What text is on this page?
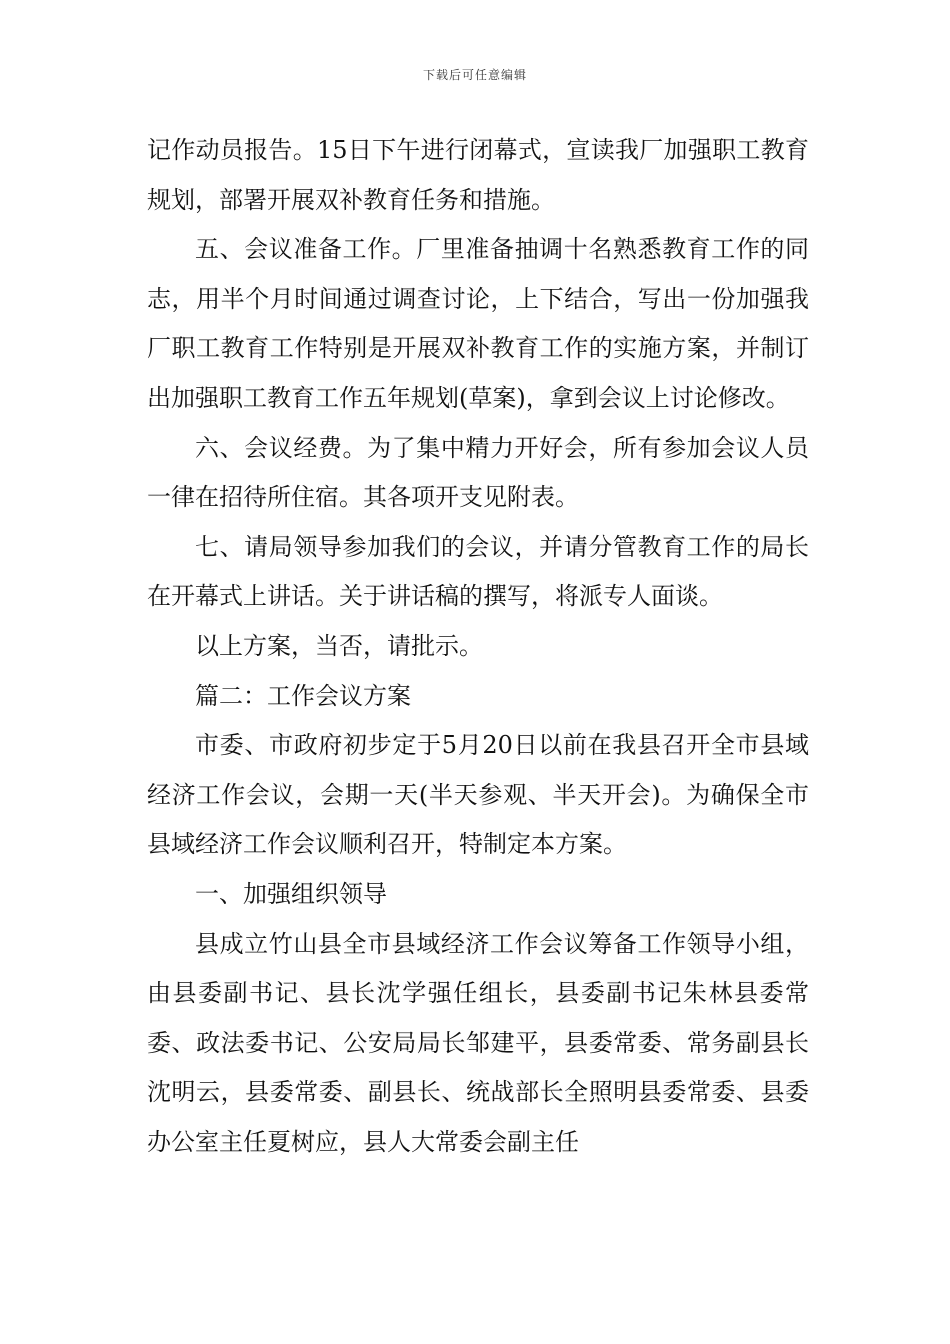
下载后可任意编辑

记作动员报告。15日下午进行闭幕式，宣读我厂加强职工教育规划，部署开展双补教育任务和措施。

五、会议准备工作。厂里准备抽调十名熟悉教育工作的同志，用半个月时间通过调查讨论，上下结合，写出一份加强我厂职工教育工作特别是开展双补教育工作的实施方案，并制订出加强职工教育工作五年规划(草案)，拿到会议上讨论修改。

六、会议经费。为了集中精力开好会，所有参加会议人员一律在招待所住宿。其各项开支见附表。

七、请局领导参加我们的会议，并请分管教育工作的局长在开幕式上讲话。关于讲话稿的撰写，将派专人面谈。

以上方案，当否，请批示。

篇二：工作会议方案

市委、市政府初步定于5月20日以前在我县召开全市县域经济工作会议，会期一天(半天参观、半天开会)。为确保全市县域经济工作会议顺利召开，特制定本方案。

一、加强组织领导

县成立竹山县全市县域经济工作会议筹备工作领导小组，由县委副书记、县长沈学强任组长，县委副书记朱林县委常委、政法委书记、公安局局长邹建平，县委常委、常务副县长沈明云，县委常委、副县长、统战部长全照明县委常委、县委办公室主任夏树应，县人大常委会副主任
